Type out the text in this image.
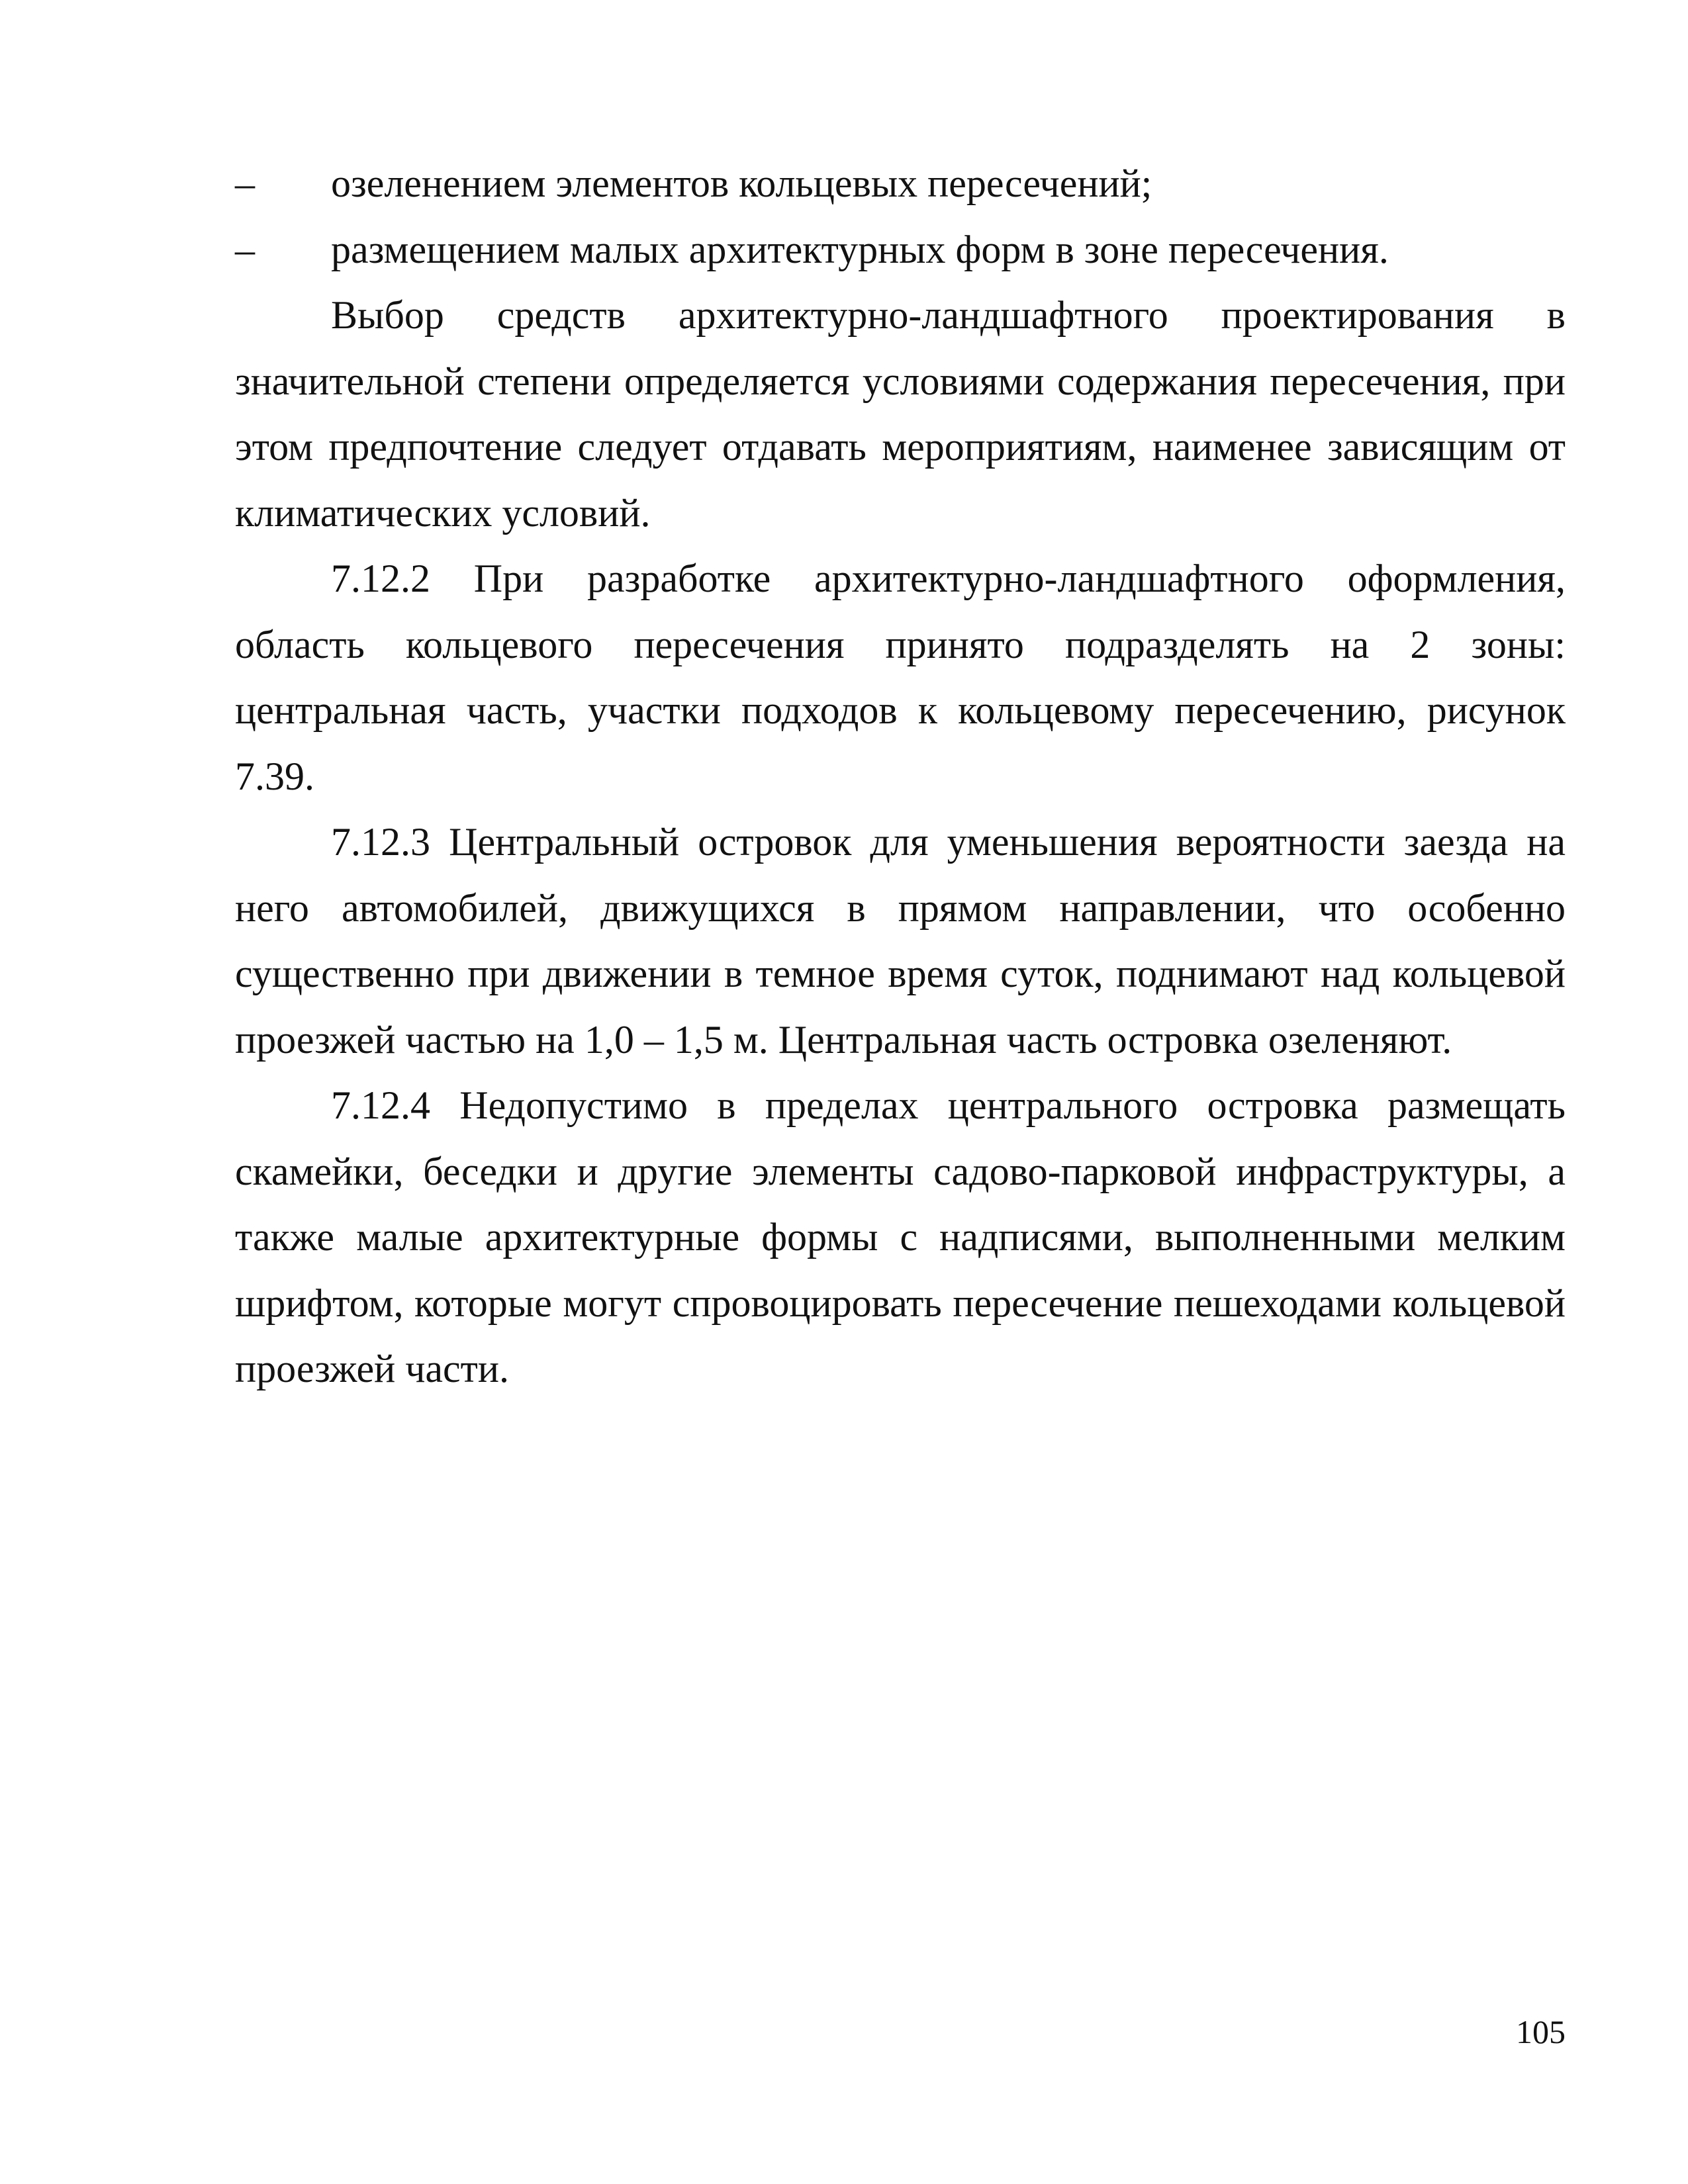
– озеленением элементов кольцевых пересечений;
– размещением малых архитектурных форм в зоне пересечения.

Выбор средств архитектурно-ландшафтного проектирования в значительной степени определяется условиями содержания пересечения, при этом предпочтение следует отдавать мероприятиям, наименее зависящим от климатических условий.

7.12.2 При разработке архитектурно-ландшафтного оформления, область кольцевого пересечения принято подразделять на 2 зоны: центральная часть, участки подходов к кольцевому пересечению, рисунок 7.39.

7.12.3 Центральный островок для уменьшения вероятности заезда на него автомобилей, движущихся в прямом направлении, что особенно существенно при движении в темное время суток, поднимают над кольцевой проезжей частью на 1,0 – 1,5 м. Центральная часть островка озеленяют.

7.12.4 Недопустимо в пределах центрального островка размещать скамейки, беседки и другие элементы садово-парковой инфраструктуры, а также малые архитектурные формы с надписями, выполненными мелким шрифтом, которые могут спровоцировать пересечение пешеходами кольцевой проезжей части.

105
